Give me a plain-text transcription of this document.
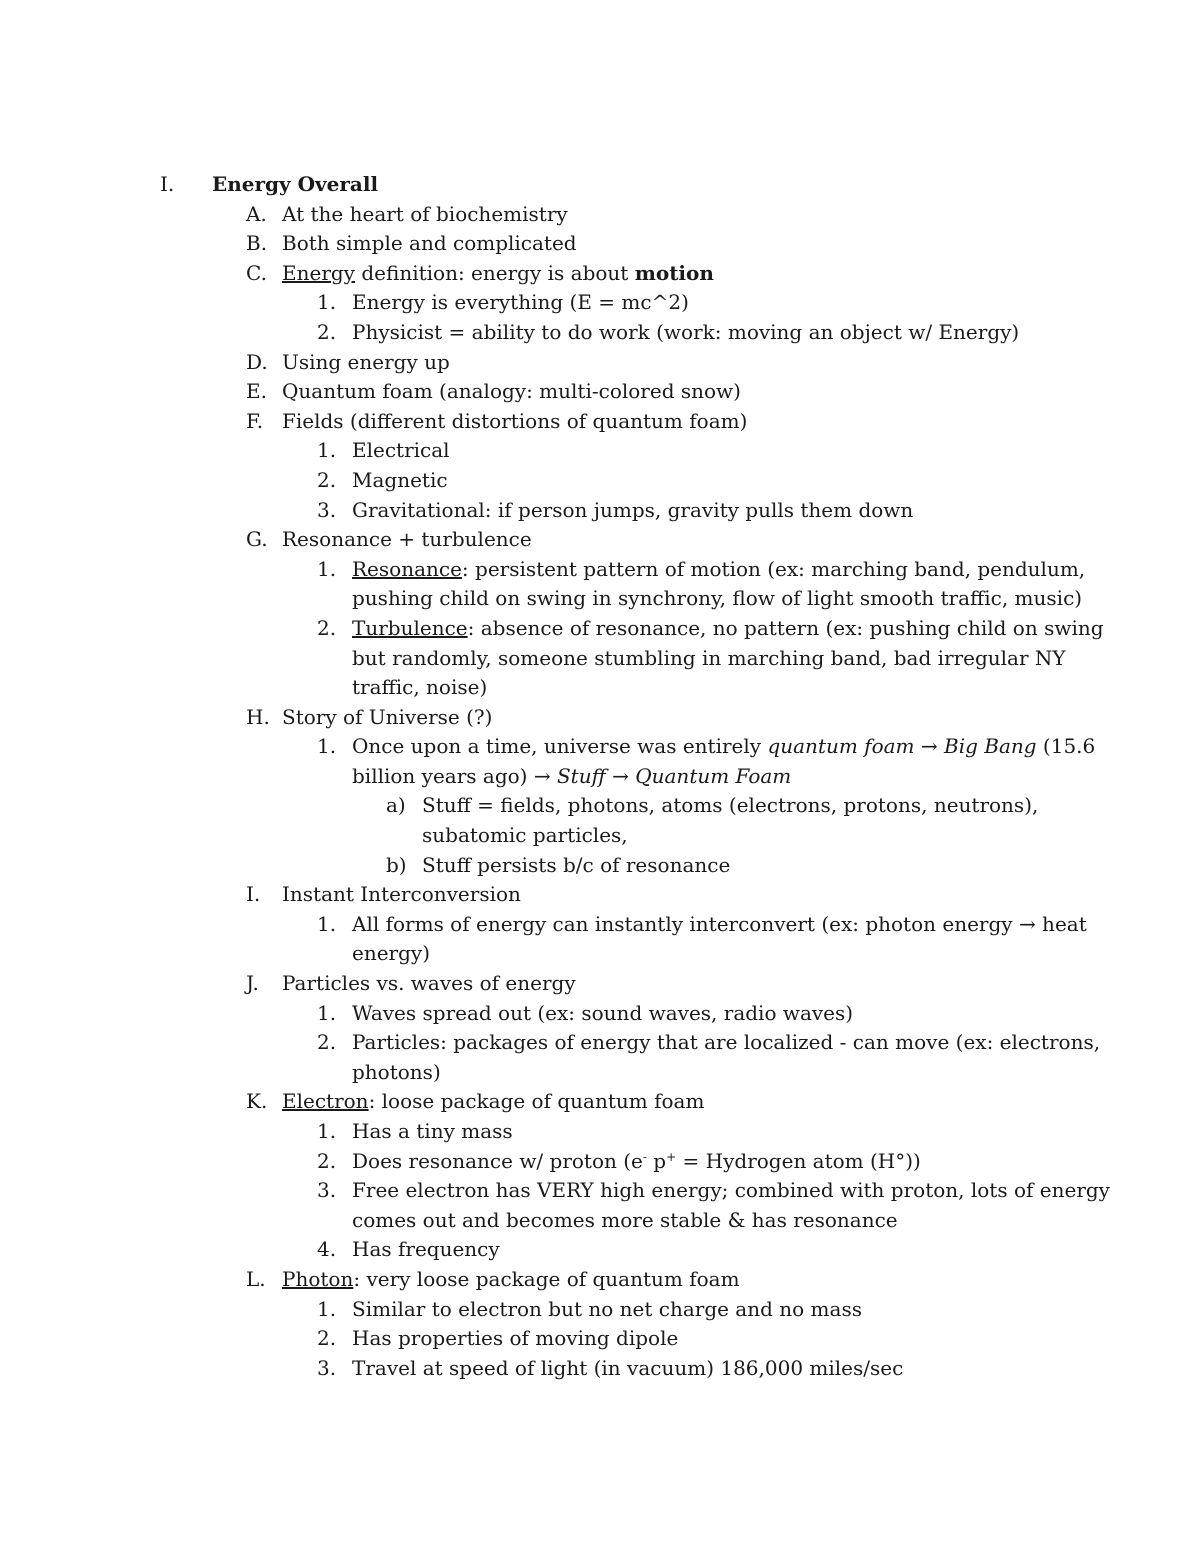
I. Energy Overall
A. At the heart of biochemistry
B. Both simple and complicated
C. Energy definition: energy is about motion
1. Energy is everything (E = mc^2)
2. Physicist = ability to do work (work: moving an object w/ Energy)
D. Using energy up
E. Quantum foam (analogy: multi-colored snow)
F. Fields (different distortions of quantum foam)
1. Electrical
2. Magnetic
3. Gravitational: if person jumps, gravity pulls them down
G. Resonance + turbulence
1. Resonance: persistent pattern of motion (ex: marching band, pendulum,
pushing child on swing in synchrony, flow of light smooth traffic, music)
2. Turbulence: absence of resonance, no pattern (ex: pushing child on swing
but randomly, someone stumbling in marching band, bad irregular NY
traffic, noise)
H. Story of Universe (?)
1. Once upon a time, universe was entirely quantum foam → Big Bang (15.6
billion years ago) → Stuff → Quantum Foam
a) Stuff = fields, photons, atoms (electrons, protons, neutrons),
subatomic particles,
b) Stuff persists b/c of resonance
I. Instant Interconversion
1. All forms of energy can instantly interconvert (ex: photon energy → heat
energy)
J. Particles vs. waves of energy
1. Waves spread out (ex: sound waves, radio waves)
2. Particles: packages of energy that are localized - can move (ex: electrons,
photons)
K. Electron: loose package of quantum foam
1. Has a tiny mass
2. Does resonance w/ proton (e- p+ = Hydrogen atom (H°))
3. Free electron has VERY high energy; combined with proton, lots of energy
comes out and becomes more stable & has resonance
4. Has frequency
L. Photon: very loose package of quantum foam
1. Similar to electron but no net charge and no mass
2. Has properties of moving dipole
3. Travel at speed of light (in vacuum) 186,000 miles/sec
